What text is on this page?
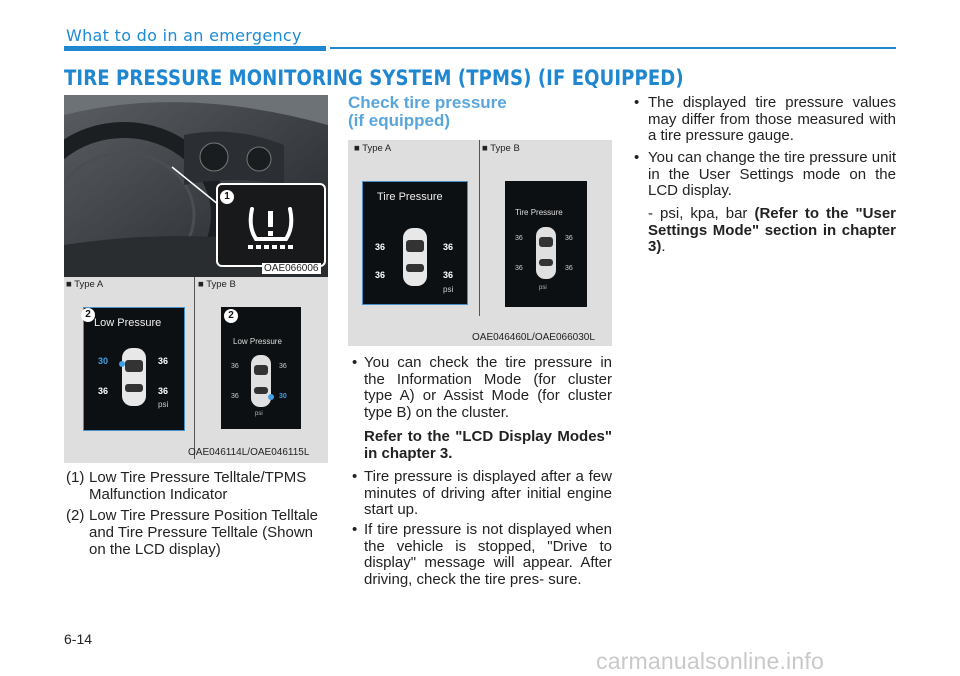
What to do in an emergency
TIRE PRESSURE MONITORING SYSTEM (TPMS) (IF EQUIPPED)
1
OAE066006
■ Type A	■ Type B
Low Pressure
30	36
36	36
psi
2
Low Pressure
36	36
36	30
psi
2
OAE046114L/OAE046115L
(1) Low Tire Pressure Telltale/TPMS Malfunction Indicator
(2) Low Tire Pressure Position Telltale and Tire Pressure Telltale (Shown on the LCD display)
Check tire pressure
(if equipped)
■ Type A	■ Type B
Tire Pressure
36	36
36	36
psi
Tire Pressure
36	36
36	36
psi
OAE046460L/OAE066030L
• You can check the tire pressure in the Information Mode (for cluster type A) or Assist Mode (for cluster type B) on the cluster.
Refer to the "LCD Display Modes" in chapter 3.
• Tire pressure is displayed after a few minutes of driving after initial engine start up.
• If tire pressure is not displayed when the vehicle is stopped, "Drive to display" message will appear. After driving, check the tire pres- sure.
• The displayed tire pressure values may differ from those measured with a tire pressure gauge.
• You can change the tire pressure unit in the User Settings mode on the LCD display.
- psi, kpa, bar (Refer to the "User Settings Mode" section in chapter 3).
6-14
carmanualsonline.info
